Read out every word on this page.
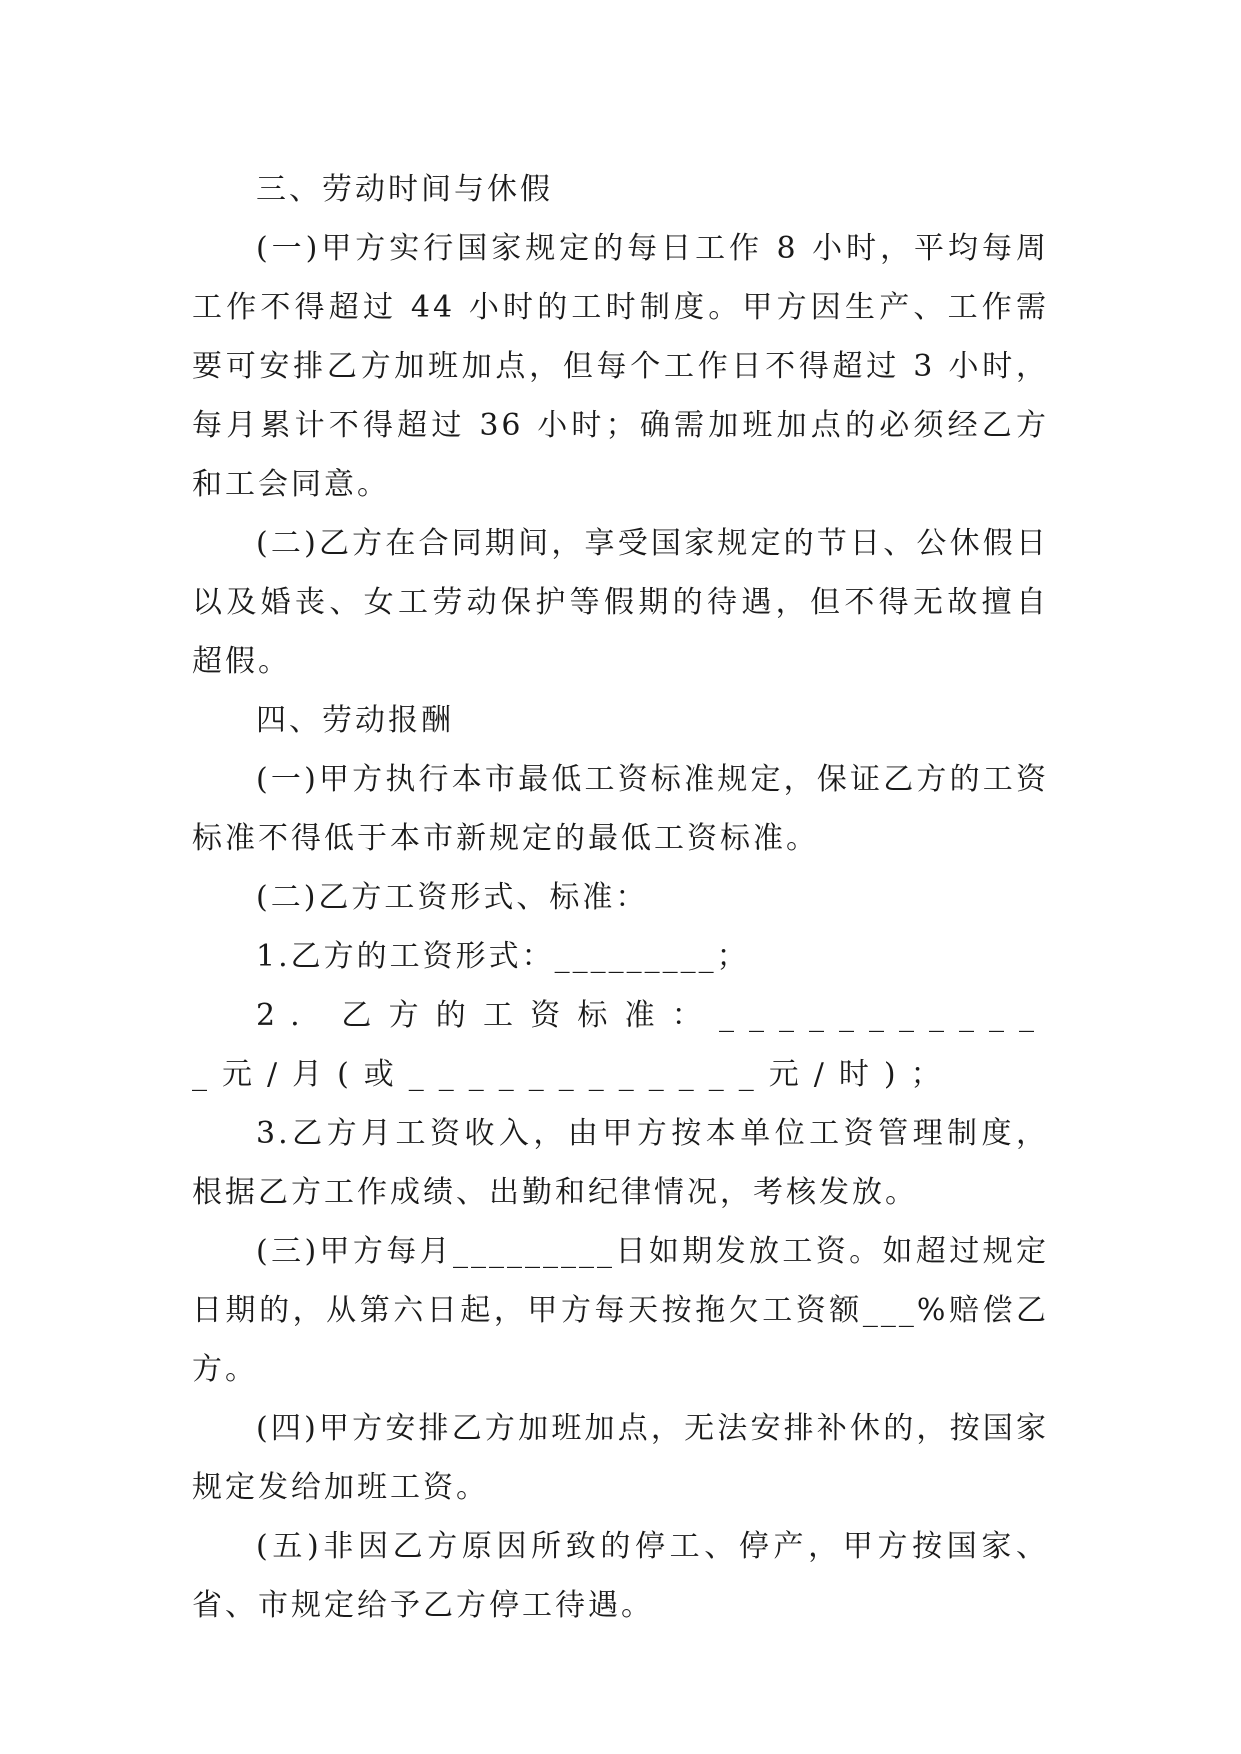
三、劳动时间与休假

(一)甲方实行国家规定的每日工作 8 小时，平均每周工作不得超过 44 小时的工时制度。甲方因生产、工作需要可安排乙方加班加点，但每个工作日不得超过 3 小时，每月累计不得超过 36 小时；确需加班加点的必须经乙方和工会同意。

(二)乙方在合同期间，享受国家规定的节日、公休假日以及婚丧、女工劳动保护等假期的待遇，但不得无故擅自超假。

四、劳动报酬

(一)甲方执行本市最低工资标准规定，保证乙方的工资标准不得低于本市新规定的最低工资标准。

(二)乙方工资形式、标准：

1.乙方的工资形式：_________；

2. 乙方的工资标准：____________元/月(或____________元/时)；

3.乙方月工资收入，由甲方按本单位工资管理制度，根据乙方工作成绩、出勤和纪律情况，考核发放。

(三)甲方每月_________日如期发放工资。如超过规定日期的，从第六日起，甲方每天按拖欠工资额___%赔偿乙方。

(四)甲方安排乙方加班加点，无法安排补休的，按国家规定发给加班工资。

(五)非因乙方原因所致的停工、停产，甲方按国家、省、市规定给予乙方停工待遇。
